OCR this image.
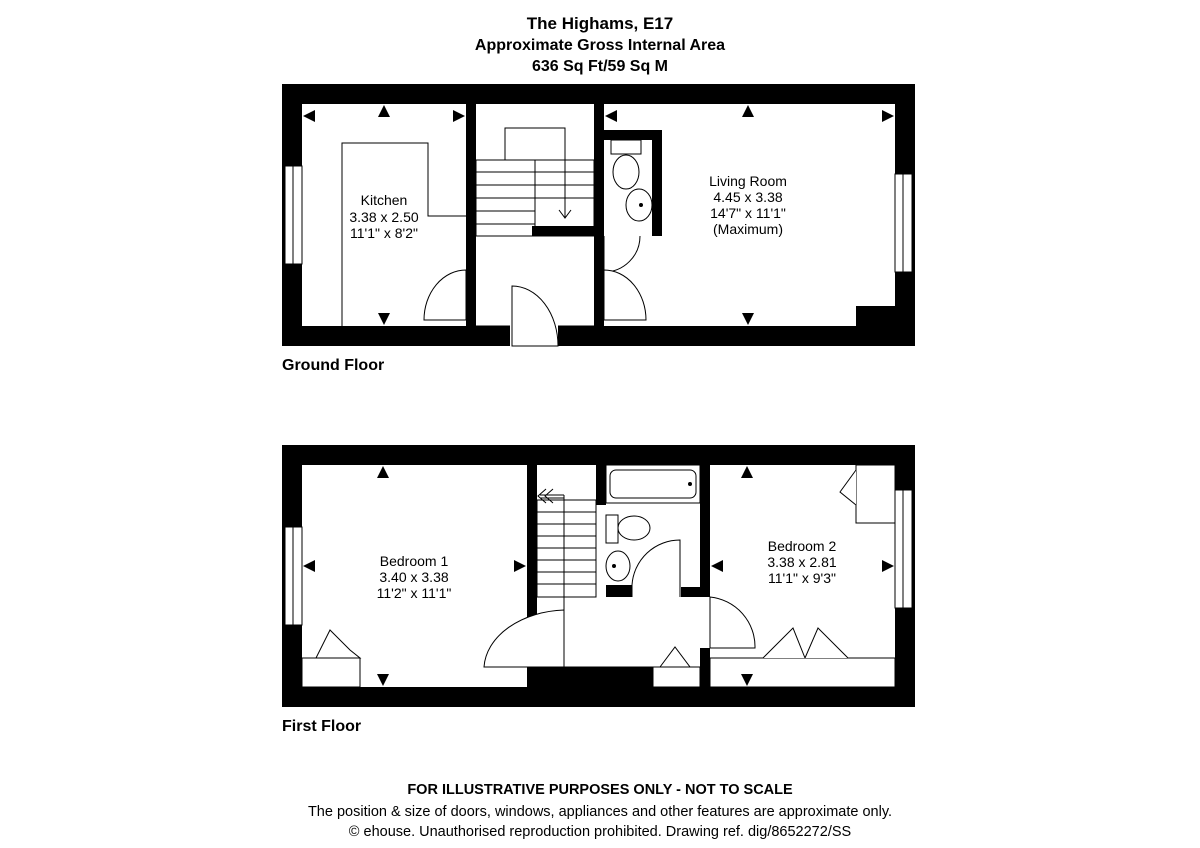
The Highams, E17
Approximate Gross Internal Area
636 Sq Ft/59 Sq M
Kitchen
3.38 x 2.50
11'1" x 8'2"
Living Room
4.45 x 3.38
14'7" x 11'1"
(Maximum)
Bedroom 1
3.40 x 3.38
11'2" x 11'1"
Bedroom 2
3.38 x 2.81
11'1" x 9'3"
Ground Floor
First Floor
FOR ILLUSTRATIVE PURPOSES ONLY - NOT TO SCALE
The position & size of doors, windows, appliances and other features are approximate only.
© ehouse. Unauthorised reproduction prohibited. Drawing ref. dig/8652272/SS
